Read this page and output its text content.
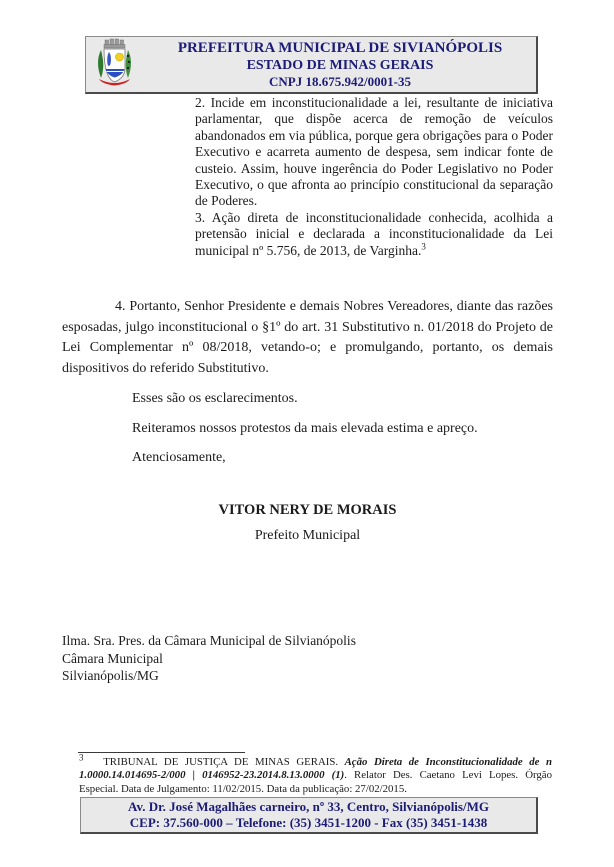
PREFEITURA MUNICIPAL DE SIVIANÓPOLIS
ESTADO DE MINAS GERAIS
CNPJ 18.675.942/0001-35

2. Incide em inconstitucionalidade a lei, resultante de iniciativa parlamentar, que dispõe acerca de remoção de veículos abandonados em via pública, porque gera obrigações para o Poder Executivo e acarreta aumento de despesa, sem indicar fonte de custeio. Assim, houve ingerência do Poder Legislativo no Poder Executivo, o que afronta ao princípio constitucional da separação de Poderes.

3. Ação direta de inconstitucionalidade conhecida, acolhida a pretensão inicial e declarada a inconstitucionalidade da Lei municipal nº 5.756, de 2013, de Varginha.$^3$

4. Portanto, Senhor Presidente e demais Nobres Vereadores, diante das razões esposadas, julgo inconstitucional o §1º do art. 31 Substitutivo n. 01/2018 do Projeto de Lei Complementar nº 08/2018, vetando-o; e promulgando, portanto, os demais dispositivos do referido Substitutivo.

Esses são os esclarecimentos.
Reiteramos nossos protestos da mais elevada estima e apreço.
Atenciosamente,
VITOR NERY DE MORAIS
Prefeito Municipal
Ilma. Sra. Pres. da Câmara Municipal de Silvianópolis
Câmara Municipal
Silvianópolis/MG

$^3$ TRIBUNAL DE JUSTIÇA DE MINAS GERAIS. Ação Direta de Inconstitucionalidade de n 1.0000.14.014695-2/000 | 0146952-23.2014.8.13.0000 (1). Relator Des. Caetano Levi Lopes. Órgão Especial. Data de Julgamento: 11/02/2015. Data da publicação: 27/02/2015.

Av. Dr. José Magalhães carneiro, nº 33, Centro, Silvianópolis/MG
CEP: 37.560-000 – Telefone: (35) 3451-1200 - Fax (35) 3451-1438
